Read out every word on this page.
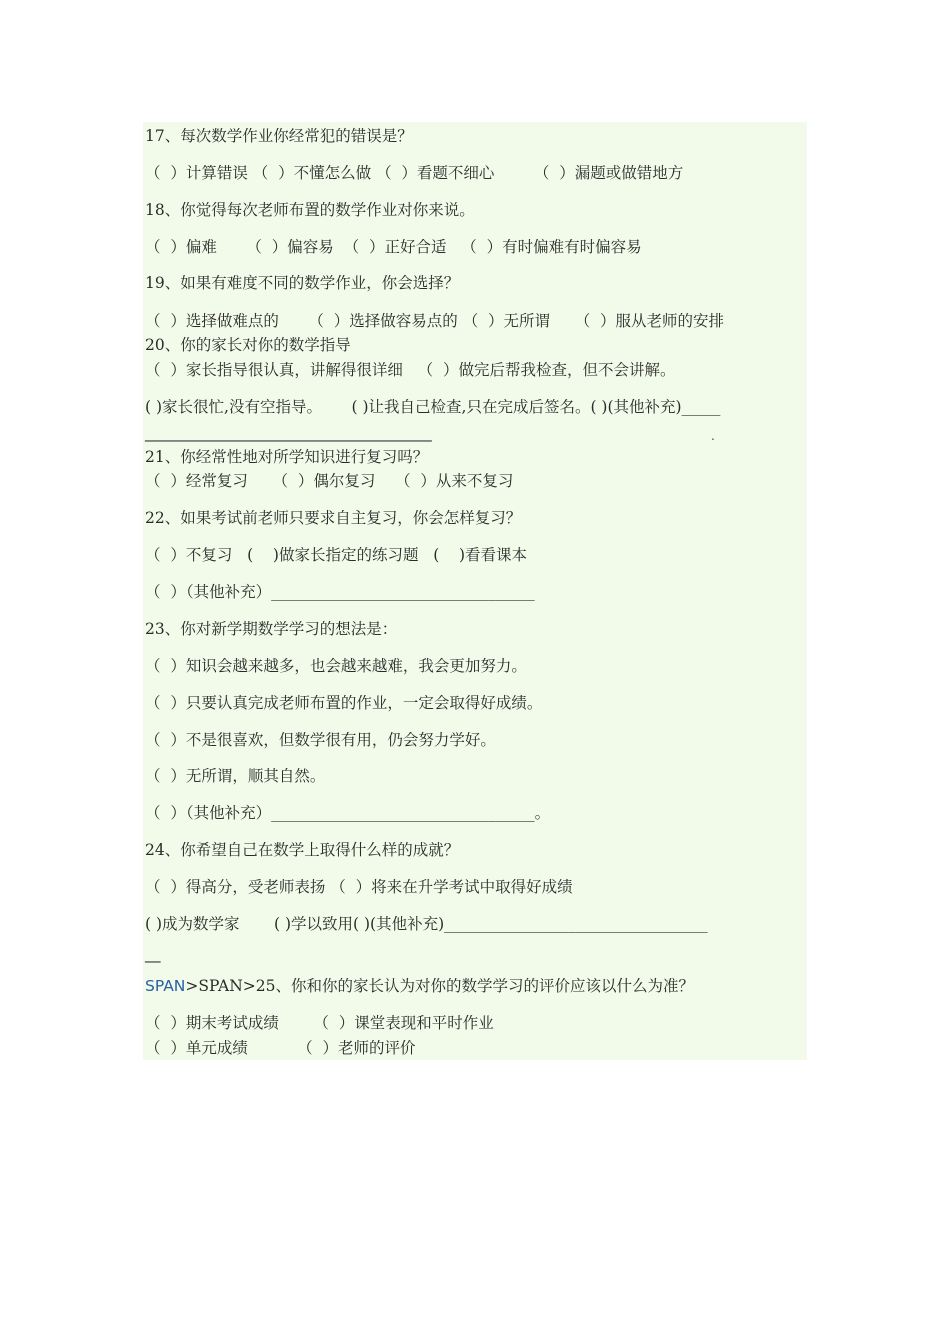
17、每次数学作业你经常犯的错误是？
（  ）计算错误 （  ）不懂怎么做 （  ）看题不细心        （  ）漏题或做错地方
18、你觉得每次老师布置的数学作业对你来说。
（  ）偏难      （  ）偏容易  （  ）正好合适   （  ）有时偏难有时偏容易
19、如果有难度不同的数学作业，你会选择？
（  ）选择做难点的      （  ）选择做容易点的 （  ）无所谓     （  ）服从老师的安排
20、你的家长对你的数学指导
（  ）家长指导很认真，讲解得很详细   （  ）做完后帮我检查，但不会讲解。
( )家长很忙,没有空指导。      ( )让我自己检查,只在完成后签名。( )(其他补充)_____
_____________________________________	.
21、你经常性地对所学知识进行复习吗？
（  ）经常复习     （  ）偶尔复习    （  ）从来不复习
22、如果考试前老师只要求自主复习，你会怎样复习？
（  ）不复习   (    )做家长指定的练习题   (    )看看课本
（  ）（其他补充）__________________________________
23、你对新学期数学学习的想法是：
（  ）知识会越来越多，也会越来越难，我会更加努力。
（  ）只要认真完成老师布置的作业，一定会取得好成绩。
（  ）不是很喜欢，但数学很有用，仍会努力学好。
（  ）无所谓，顺其自然。
（  ）（其他补充）__________________________________。
24、你希望自己在数学上取得什么样的成就？
（  ）得高分，受老师表扬 （  ）将来在升学考试中取得好成绩
( )成为数学家       ( )学以致用( )(其他补充)__________________________________
__
SPAN>SPAN>25、你和你的家长认为对你的数学学习的评价应该以什么为准？
（  ）期末考试成绩       （  ）课堂表现和平时作业
（  ）单元成绩          （  ）老师的评价
